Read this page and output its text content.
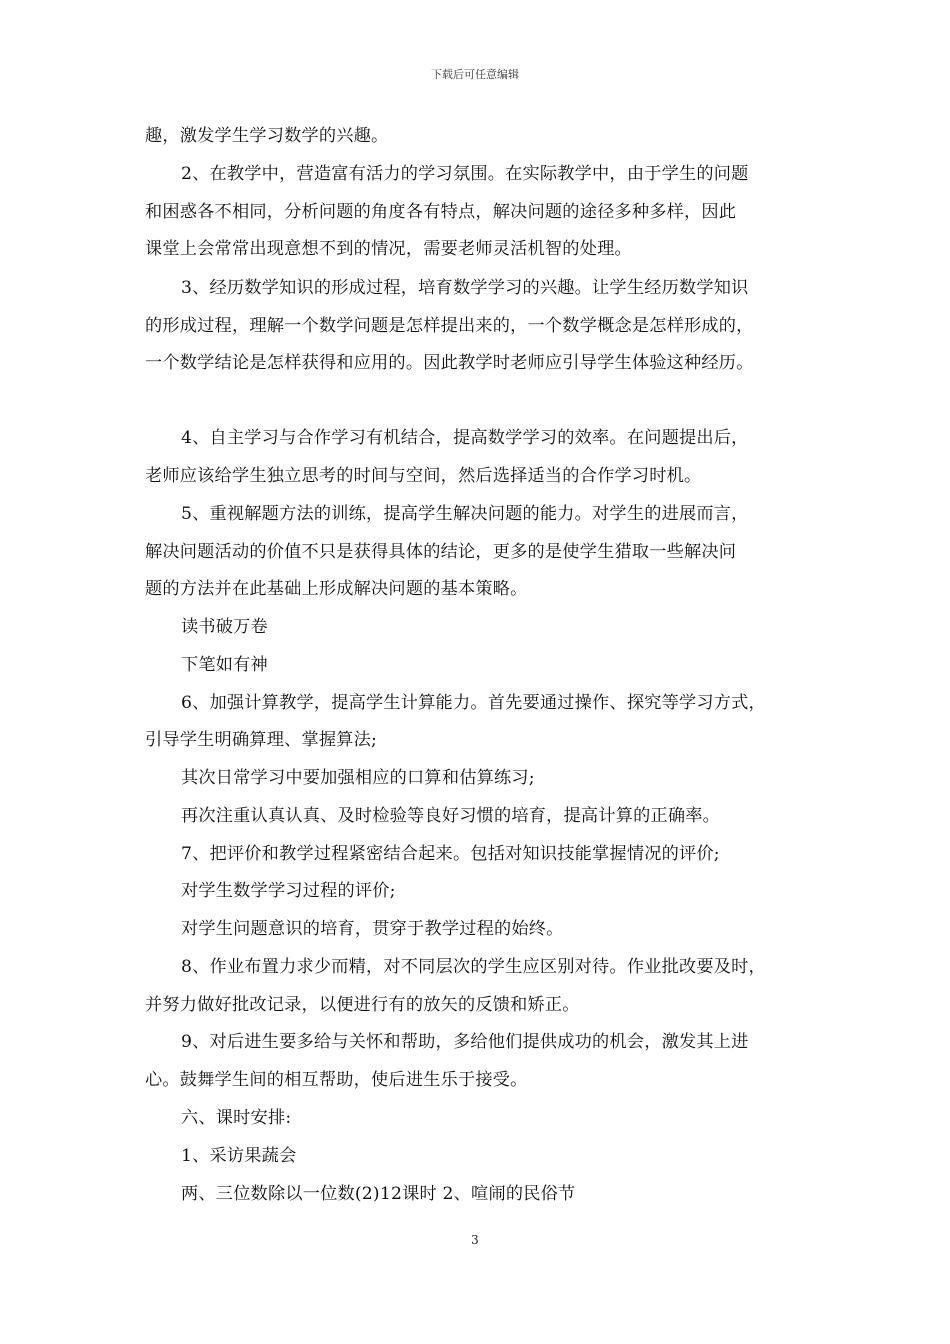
下载后可任意编辑
趣，激发学生学习数学的兴趣。
2、在教学中，营造富有活力的学习氛围。在实际教学中，由于学生的问题
和困惑各不相同，分析问题的角度各有特点，解决问题的途径多种多样，因此
课堂上会常常出现意想不到的情况，需要老师灵活机智的处理。
3、经历数学知识的形成过程，培育数学学习的兴趣。让学生经历数学知识
的形成过程，理解一个数学问题是怎样提出来的，一个数学概念是怎样形成的，
一个数学结论是怎样获得和应用的。因此教学时老师应引导学生体验这种经历。
4、自主学习与合作学习有机结合，提高数学学习的效率。在问题提出后，
老师应该给学生独立思考的时间与空间，然后选择适当的合作学习时机。
5、重视解题方法的训练，提高学生解决问题的能力。对学生的进展而言，
解决问题活动的价值不只是获得具体的结论，更多的是使学生猎取一些解决问
题的方法并在此基础上形成解决问题的基本策略。
读书破万卷
下笔如有神
6、加强计算教学，提高学生计算能力。首先要通过操作、探究等学习方式，
引导学生明确算理、掌握算法;
其次日常学习中要加强相应的口算和估算练习;
再次注重认真认真、及时检验等良好习惯的培育，提高计算的正确率。
7、把评价和教学过程紧密结合起来。包括对知识技能掌握情况的评价;
对学生数学学习过程的评价;
对学生问题意识的培育，贯穿于教学过程的始终。
8、作业布置力求少而精，对不同层次的学生应区别对待。作业批改要及时，
并努力做好批改记录，以便进行有的放矢的反馈和矫正。
9、对后进生要多给与关怀和帮助，多给他们提供成功的机会，激发其上进
心。鼓舞学生间的相互帮助，使后进生乐于接受。
六、课时安排:
1、采访果蔬会
两、三位数除以一位数(2)12课时 2、喧闹的民俗节
3
